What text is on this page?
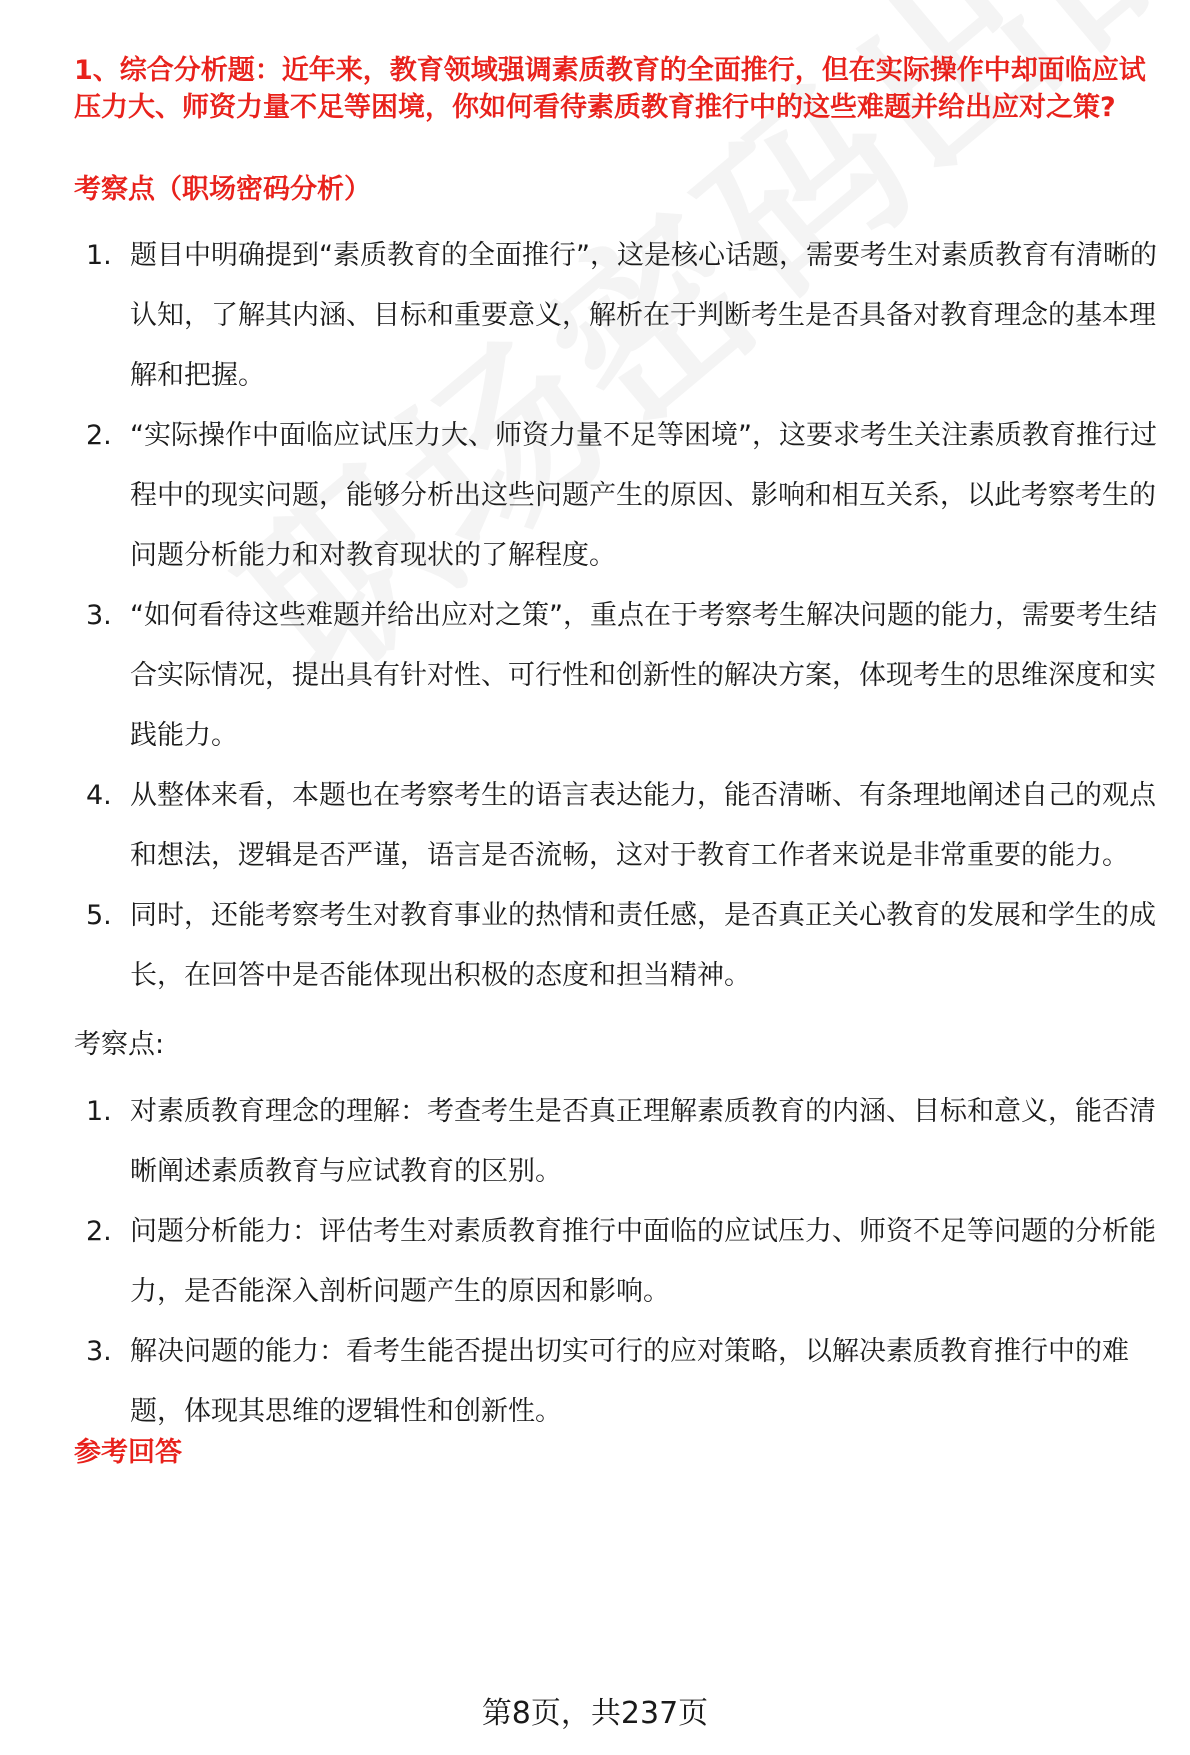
1、综合分析题：近年来，教育领域强调素质教育的全面推行，但在实际操作中却面临应试压力大、师资力量不足等困境，你如何看待素质教育推行中的这些难题并给出应对之策?
考察点（职场密码分析）
1. 题目中明确提到“素质教育的全面推行”，这是核心话题，需要考生对素质教育有清晰的认知，了解其内涵、目标和重要意义，解析在于判断考生是否具备对教育理念的基本理解和把握。
2. “实际操作中面临应试压力大、师资力量不足等困境”，这要求考生关注素质教育推行过程中的现实问题，能够分析出这些问题产生的原因、影响和相互关系，以此考察考生的问题分析能力和对教育现状的了解程度。
3. “如何看待这些难题并给出应对之策”，重点在于考察考生解决问题的能力，需要考生结合实际情况，提出具有针对性、可行性和创新性的解决方案，体现考生的思维深度和实践能力。
4. 从整体来看，本题也在考察考生的语言表达能力，能否清晰、有条理地阐述自己的观点和想法，逻辑是否严谨，语言是否流畅，这对于教育工作者来说是非常重要的能力。
5. 同时，还能考察考生对教育事业的热情和责任感，是否真正关心教育的发展和学生的成长，在回答中是否能体现出积极的态度和担当精神。
考察点:
1. 对素质教育理念的理解：考查考生是否真正理解素质教育的内涵、目标和意义，能否清晰阐述素质教育与应试教育的区别。
2. 问题分析能力：评估考生对素质教育推行中面临的应试压力、师资不足等问题的分析能力，是否能深入剖析问题产生的原因和影响。
3. 解决问题的能力：看考生能否提出切实可行的应对策略，以解决素质教育推行中的难题，体现其思维的逻辑性和创新性。
参考回答
第8页，共237页
